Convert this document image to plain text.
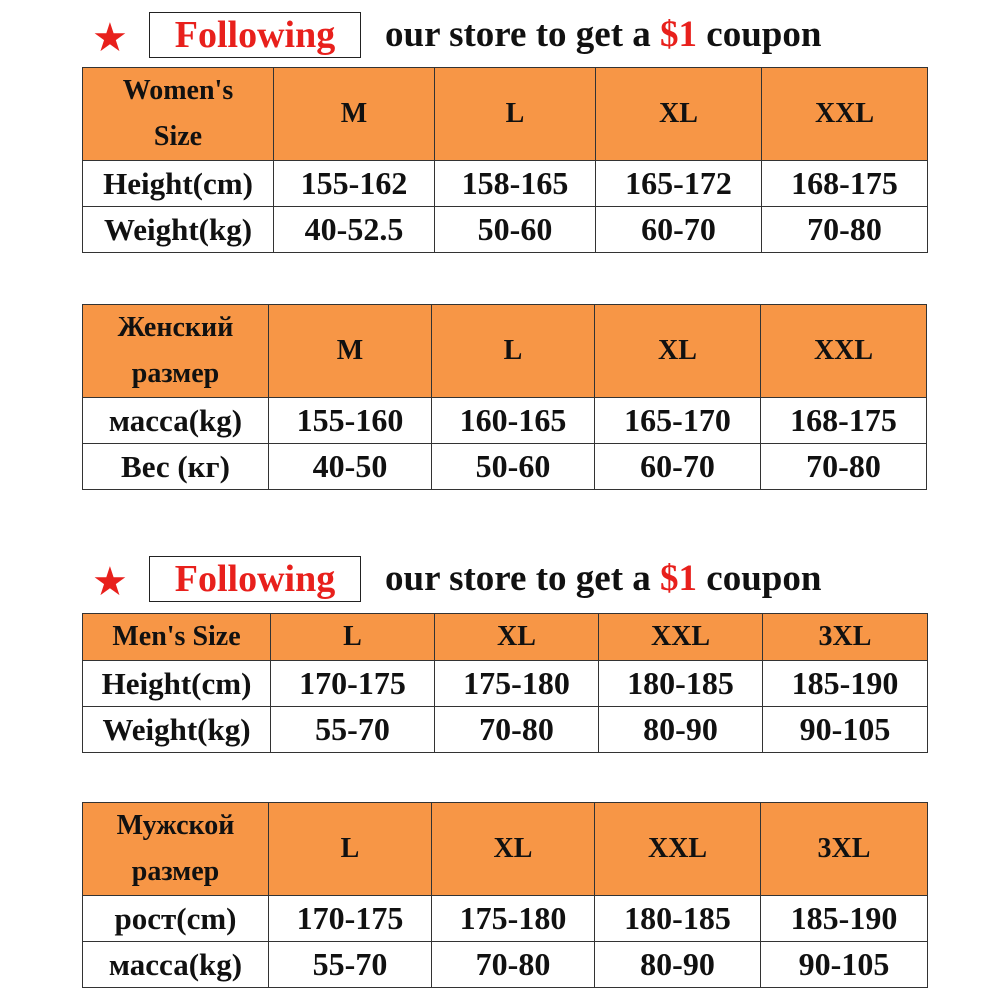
★	Following	our store to get a $1 coupon
Women's
Size	M	L	XL	XXL
Height(cm)	155-162	158-165	165-172	168-175
Weight(kg)	40-52.5	50-60	60-70	70-80
Женский
размер	M	L	XL	XXL
масса(kg)	155-160	160-165	165-170	168-175
Вес (кг)	40-50	50-60	60-70	70-80
★	Following	our store to get a $1 coupon
Men's Size	L	XL	XXL	3XL
Height(cm)	170-175	175-180	180-185	185-190
Weight(kg)	55-70	70-80	80-90	90-105
Мужской
размер	L	XL	XXL	3XL
рост(cm)	170-175	175-180	180-185	185-190
масса(kg)	55-70	70-80	80-90	90-105
